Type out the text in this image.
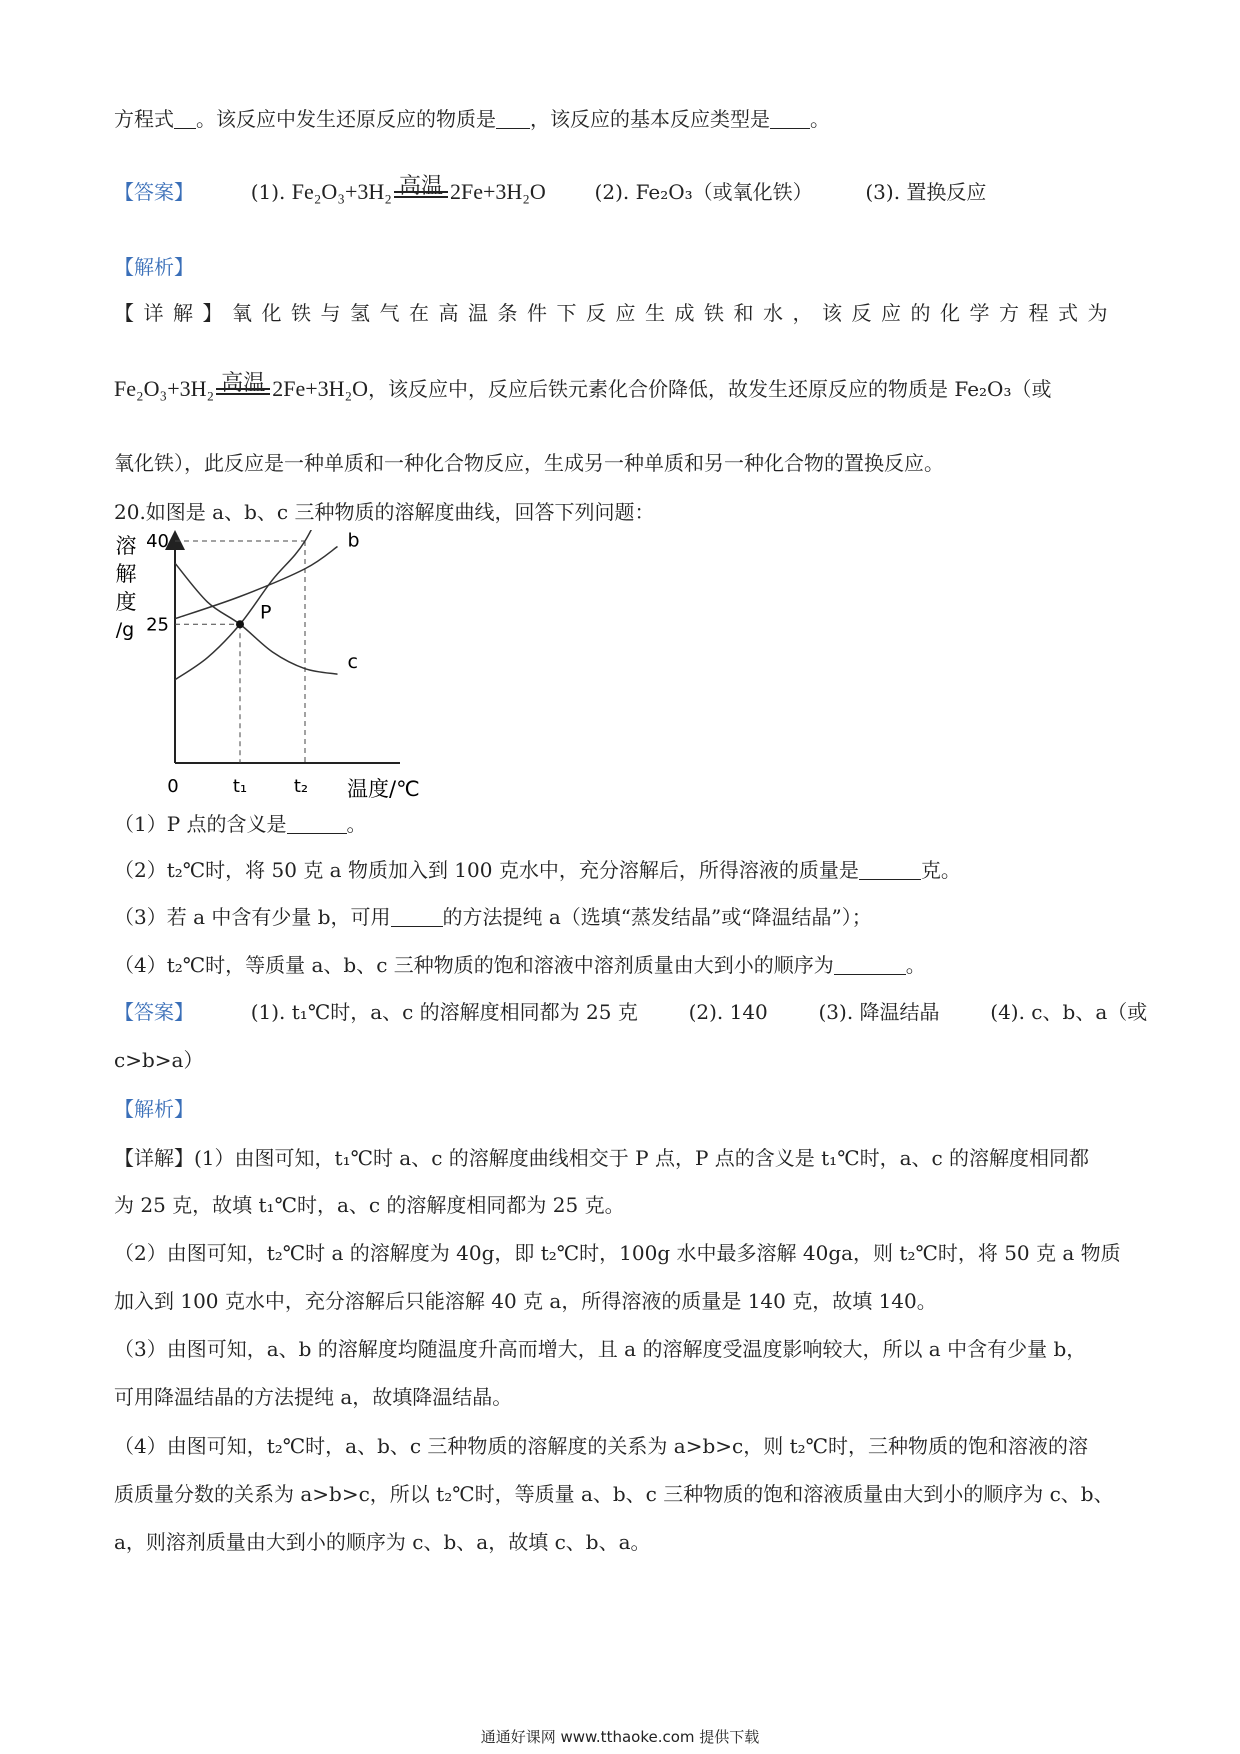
方程式 。该反应中发生还原反应的物质是 ，该反应的基本反应类型是 。
【答案】	(1). Fe₂O₃+3H₂ 高温 2Fe+3H₂O (2). Fe₂O₃（或氧化铁）	(3). 置换反应
【解析】
【详解】氧化铁与氢气在高温条件下反应生成铁和水，该反应的化学方程式为
Fe₂O₃+3H₂ 高温 2Fe+3H₂O，该反应中，反应后铁元素化合价降低，故发生还原反应的物质是 Fe₂O₃（或
氧化铁），此反应是一种单质和一种化合物反应，生成另一种单质和另一种化合物的置换反应。
20.如图是 a、b、c 三种物质的溶解度曲线，回答下列问题：
溶
解
度
/g
P
25
40
0	t₁	t₂ 温度/℃
b
c
（1）P 点的含义是	。
（2）t₂℃时，将 50 克 a 物质加入到 100 克水中，充分溶解后，所得溶液的质量是	克。
（3）若 a 中含有少量 b，可用	的方法提纯 a（选填“蒸发结晶”或“降温结晶”）；
（4）t₂℃时，等质量 a、b、c 三种物质的饱和溶液中溶剂质量由大到小的顺序为	。
【答案】	(1). t₁℃时，a、c 的溶解度相同都为 25 克	(2). 140	(3). 降温结晶	(4). c、b、a（或
c>b>a）
【解析】
【详解】(1）由图可知，t₁℃时 a、c 的溶解度曲线相交于 P 点，P 点的含义是 t₁℃时，a、c 的溶解度相同都
为 25 克，故填 t₁℃时，a、c 的溶解度相同都为 25 克。
（2）由图可知，t₂℃时 a 的溶解度为 40g，即 t₂℃时，100g 水中最多溶解 40ga，则 t₂℃时，将 50 克 a 物质
加入到 100 克水中，充分溶解后只能溶解 40 克 a，所得溶液的质量是 140 克，故填 140。
（3）由图可知，a、b 的溶解度均随温度升高而增大，且 a 的溶解度受温度影响较大，所以 a 中含有少量 b，
可用降温结晶的方法提纯 a，故填降温结晶。
（4）由图可知，t₂℃时，a、b、c 三种物质的溶解度的关系为 a>b>c，则 t₂℃时，三种物质的饱和溶液的溶
质质量分数的关系为 a>b>c，所以 t₂℃时，等质量 a、b、c 三种物质的饱和溶液质量由大到小的顺序为 c、b、
a，则溶剂质量由大到小的顺序为 c、b、a，故填 c、b、a。
通通好课网 www.tthaoke.com 提供下载
